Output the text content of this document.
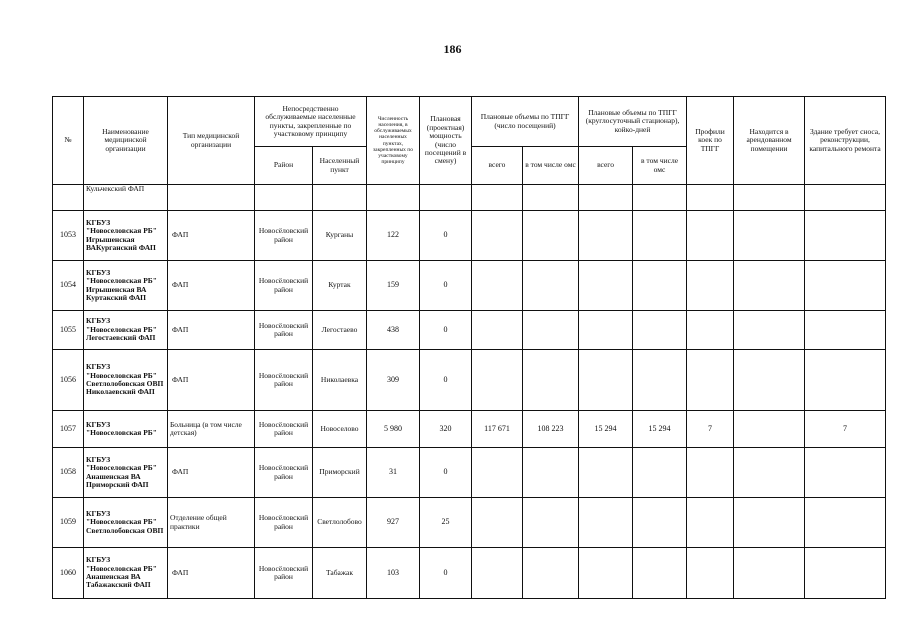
186
№	Наименование медицинской организации	Тип медицинской организации	Непосредственно обслуживаемые населенные пункты, закрепленные по участковому принципу		Численность населения, в обслуживаемых населенных пунктах, закрепленных по участковому принципу	Плановая (проектная) мощность (число посещений в смену)	Плановые объемы по ТПГГ (число посещений)		Плановые объемы по ТПГГ (круглосуточный стационар), койко-дней		Профили коек по ТПГГ	Находится в арендованном помещении	Здание требует сноса, реконструкции, капитального ремонта
			Район	Населенный пункт			всего	в том числе омс	всего	в том числе омс			
	Кульчекский ФАП												
1053	КГБУЗ "Новоселовская РБ" Игрышенская ВАКурганский ФАП	ФАП	Новосёловский район	Курганы	122	0							
1054	КГБУЗ "Новоселовская РБ" Игрышенская ВА Куртакский ФАП	ФАП	Новосёловский район	Куртак	159	0							
1055	КГБУЗ "Новоселовская РБ" Легостаевский ФАП	ФАП	Новосёловский район	Легостаево	438	0							
1056	КГБУЗ "Новоселовская РБ" Светлолобовская ОВП Николаевский ФАП	ФАП	Новосёловский район	Николаевка	309	0							
1057	КГБУЗ "Новоселовская РБ"	Больница (в том числе детская)	Новосёловский район	Новоселово	5 980	320	117 671	108 223	15 294	15 294	7		7
1058	КГБУЗ "Новоселовская РБ" Анашенская ВА Приморский ФАП	ФАП	Новосёловский район	Приморский	31	0							
1059	КГБУЗ "Новоселовская РБ" Светлолобовская ОВП	Отделение общей практики	Новосёловский район	Светлолобово	927	25							
1060	КГБУЗ "Новоселовская РБ" Анашенская ВА Табажакский ФАП	ФАП	Новосёловский район	Табажак	103	0							
